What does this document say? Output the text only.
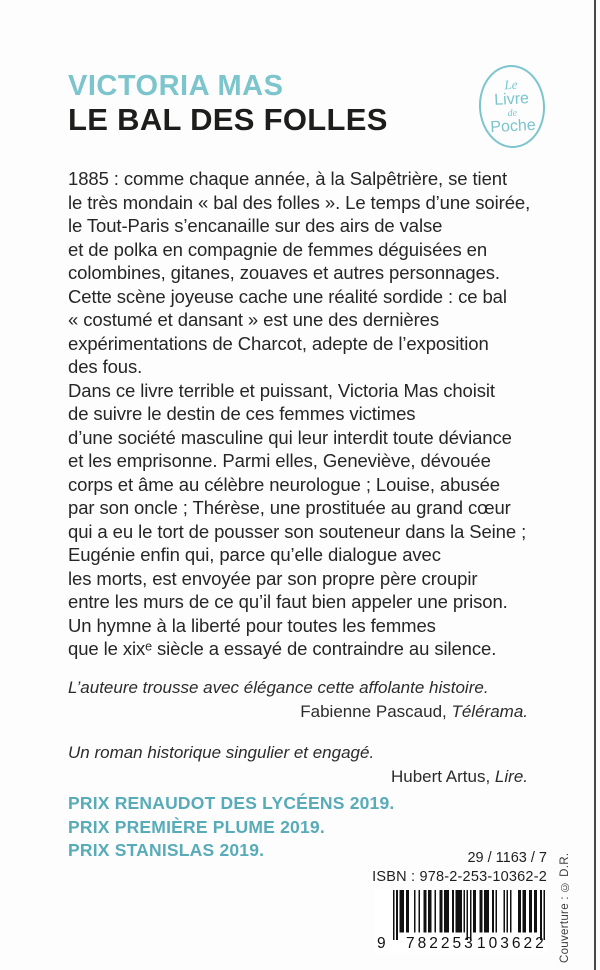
VICTORIA MAS
LE BAL DES FOLLES
Le
Livre
de
Poche

1885 : comme chaque année, à la Salpêtrière, se tient
le très mondain « bal des folles ». Le temps d’une soirée,
le Tout-Paris s’encanaille sur des airs de valse
et de polka en compagnie de femmes déguisées en
colombines, gitanes, zouaves et autres personnages.
Cette scène joyeuse cache une réalité sordide : ce bal
« costumé et dansant » est une des dernières
expérimentations de Charcot, adepte de l’exposition
des fous.

Dans ce livre terrible et puissant, Victoria Mas choisit
de suivre le destin de ces femmes victimes
d’une société masculine qui leur interdit toute déviance
et les emprisonne. Parmi elles, Geneviève, dévouée
corps et âme au célèbre neurologue ; Louise, abusée
par son oncle ; Thérèse, une prostituée au grand cœur
qui a eu le tort de pousser son souteneur dans la Seine ;
Eugénie enfin qui, parce qu’elle dialogue avec
les morts, est envoyée par son propre père croupir
entre les murs de ce qu’il faut bien appeler une prison.
Un hymne à la liberté pour toutes les femmes
que le xixᵉ siècle a essayé de contraindre au silence.

L’auteure trousse avec élégance cette affolante histoire.
Fabienne Pascaud, Télérama.
Un roman historique singulier et engagé.
Hubert Artus, Lire.
PRIX RENAUDOT DES LYCÉENS 2019.
PRIX PREMIÈRE PLUME 2019.
PRIX STANISLAS 2019.	29 / 1163 / 7
ISBN : 978-2-253-10362-2
9 782253 103622 Couverture : © D.R.
